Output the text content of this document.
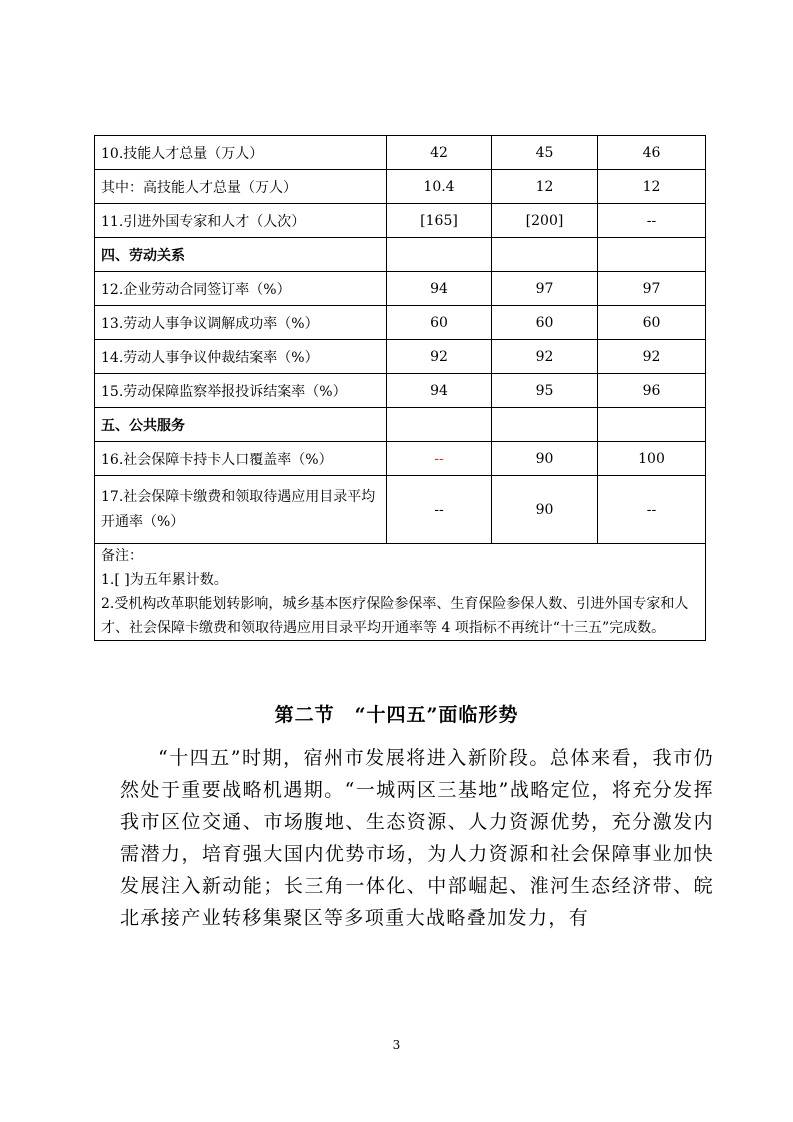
10.技能人才总量（万人）	42	45	46
其中：高技能人才总量（万人）	10.4	12	12
11.引进外国专家和人才（人次）	[165]	[200]	--
四、劳动关系			
12.企业劳动合同签订率（%）	94	97	97
13.劳动人事争议调解成功率（%）	60	60	60
14.劳动人事争议仲裁结案率（%）	92	92	92
15.劳动保障监察举报投诉结案率（%）	94	95	96
五、公共服务			
16.社会保障卡持卡人口覆盖率（%）	--	90	100
17.社会保障卡缴费和领取待遇应用目录平均开通率（%）	--	90	--

备注：
1.[ ]为五年累计数。
2.受机构改革职能划转影响，城乡基本医疗保险参保率、生育保险参保人数、引进外国专家和人才、社会保障卡缴费和领取待遇应用目录平均开通率等 4 项指标不再统计“十三五”完成数。			
第二节　“十四五”面临形势
“十四五”时期，宿州市发展将进入新阶段。总体来看，我市仍然处于重要战略机遇期。“一城两区三基地”战略定位，将充分发挥我市区位交通、市场腹地、生态资源、人力资源优势，充分激发内需潜力，培育强大国内优势市场，为人力资源和社会保障事业加快发展注入新动能；长三角一体化、中部崛起、淮河生态经济带、皖北承接产业转移集聚区等多项重大战略叠加发力，有
3
